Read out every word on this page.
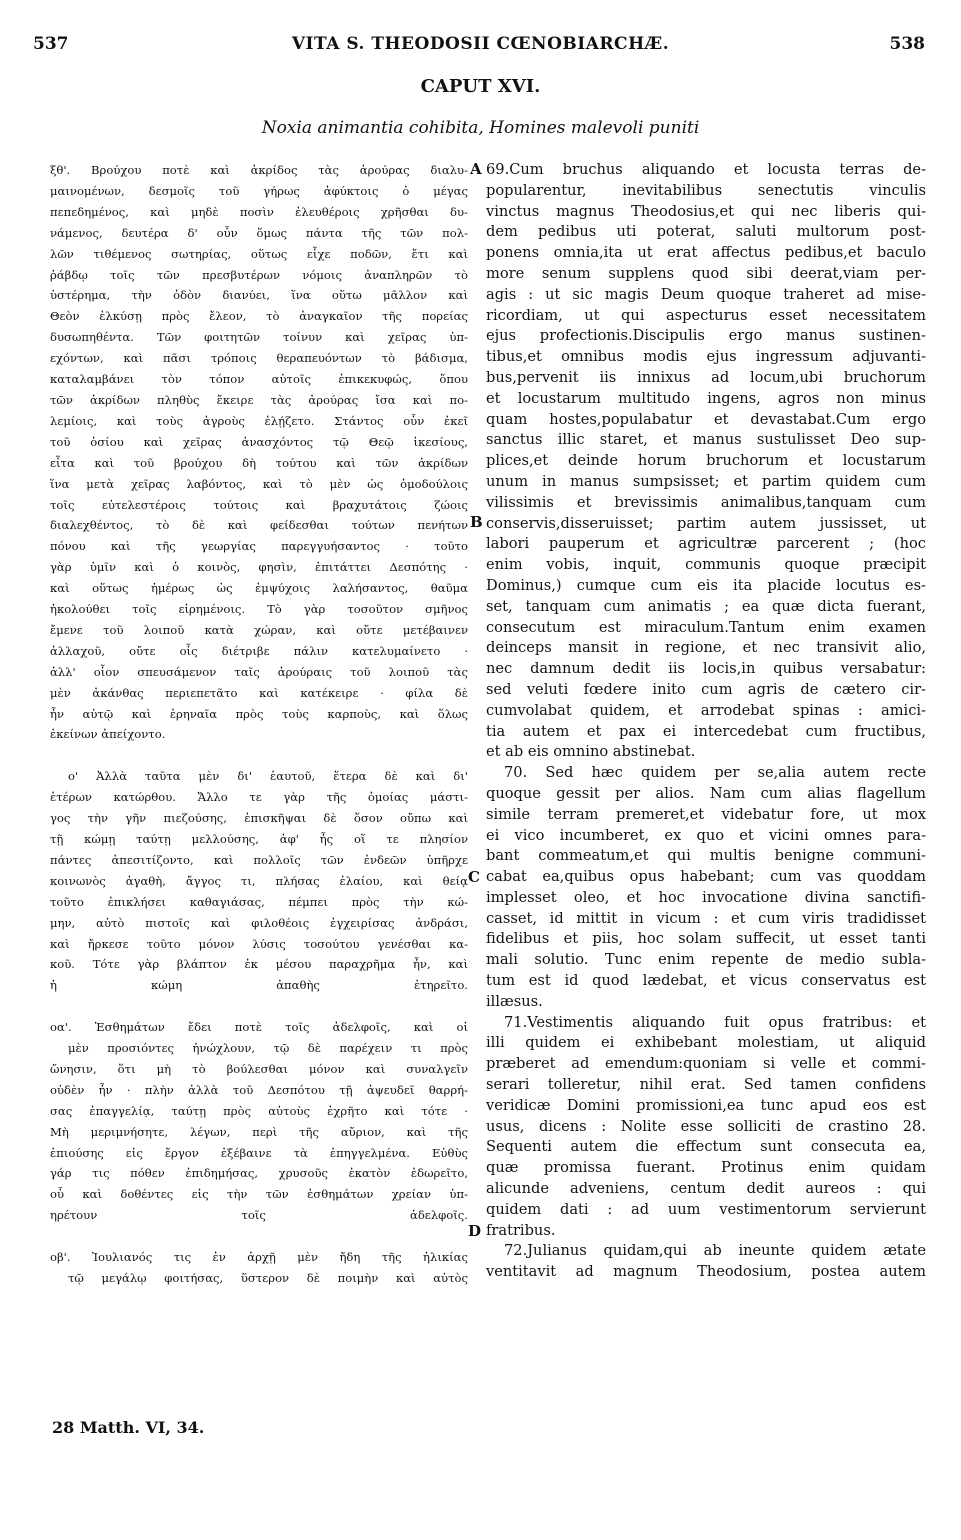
537	VITA S. THEODOSII CŒNOBIARCHÆ.	538
CAPUT XVI.
Noxia animantia cohibita, Homines malevoli puniti
ξθ'. Βρούχου ποτὲ καὶ ἀκρίδος τὰς ἀρούρας διαλυ-
μαινομένων, δεσμοῖς τοῦ γήρως ἀφύκτοις ὁ μέγας
πεπεδημένος, καὶ μηδὲ ποσὶν ἐλευθέροις χρῆσθαι δυ-
νάμενος, δευτέρα δ' οὖν ὅμως πάντα τῆς τῶν πολ-
λῶν τιθέμενος σωτηρίας, οὕτως εἶχε ποδῶν, ἔτι καὶ
ῥάβδῳ τοῖς τῶν πρεσβυτέρων νόμοις ἀναπληρῶν τὸ
ὑστέρημα, τὴν ὁδὸν διανύει, ἵνα οὕτω μᾶλλον καὶ
Θεὸν ἑλκύσῃ πρὸς ἔλεον, τὸ ἀναγκαῖον τῆς πορείας
δυσωπηθέντα. Τῶν φοιτητῶν τοίνυν καὶ χεῖρας ὑπ-
εχόντων, καὶ πᾶσι τρόποις θεραπευόντων τὸ βάδισμα,
καταλαμβάνει τὸν τόπον αὐτοῖς ἐπικεκυφώς, ὅπου
τῶν ἀκρίδων πληθὺς ἔκειρε τὰς ἀρούρας ἴσα καὶ πο-
λεμίοις, καὶ τοὺς ἀγροὺς ἐλῄζετο. Στάντος οὖν ἐκεῖ
τοῦ ὁσίου καὶ χεῖρας ἀνασχόντος τῷ Θεῷ ἱκεσίους,
εἶτα καὶ τοῦ βρούχου δὴ τούτου καὶ τῶν ἀκρίδων
ἵνα μετὰ χεῖρας λαβόντος, καὶ τὸ μὲν ὡς ὁμοδούλοις
τοῖς εὐτελεστέροις τούτοις καὶ βραχυτάτοις ζώοις
διαλεχθέντος, τὸ δὲ καὶ φείδεσθαι τούτων πενήτων
πόνου καὶ τῆς γεωργίας παρεγγυήσαντος · τοῦτο
γὰρ ὑμῖν καὶ ὁ κοινὸς, φησὶν, ἐπιτάττει Δεσπότης ·
καὶ οὕτως ἡμέρως ὡς ἐμψύχοις λαλήσαντος, θαῦμα
ἠκολούθει τοῖς εἰρημένοις. Τὸ γὰρ τοσοῦτον σμῆνος
ἔμενε τοῦ λοιποῦ κατὰ χώραν, καὶ οὔτε μετέβαινεν
ἀλλαχοῦ, οὔτε οἷς διέτριβε πάλιν κατελυμαίνετο ·
ἀλλ' οἷον σπευσάμενον ταῖς ἀρούραις τοῦ λοιποῦ τὰς
μὲν ἀκάνθας περιεπετᾶτο καὶ κατέκειρε · φίλα δὲ
ἦν αὐτῷ καὶ ἐρηναῖα πρὸς τοὺς καρποὺς, καὶ ὅλως
ἐκείνων ἀπείχοντο.
ο' Ἀλλὰ ταῦτα μὲν δι' ἑαυτοῦ, ἕτερα δὲ καὶ δι'
ἑτέρων κατώρθου. Ἄλλο τε γὰρ τῆς ὁμοίας μάστι-
γος τὴν γῆν πιεζούσης, ἐπισκῆψαι δὲ ὅσον οὔπω καὶ
τῇ κώμῃ ταύτῃ μελλούσης, ἀφ' ἧς οἵ τε πλησίον
πάντες ἀπεσιτίζοντο, καὶ πολλοῖς τῶν ἐνδεῶν ὑπῆρχε
κοινωνὸς ἀγαθὴ, ἄγγος τι, πλήσας ἐλαίου, καὶ θείᾳ
τοῦτο ἐπικλήσει καθαγιάσας, πέμπει πρὸς τὴν κώ-
μην, αὐτὸ πιστοῖς καὶ φιλοθέοις ἐγχειρίσας ἀνδράσι,
καὶ ἤρκεσε τοῦτο μόνον λύσις τοσούτου γενέσθαι κα-
κοῦ. Τότε γὰρ βλάπτον ἐκ μέσου παραχρῆμα ἦν, καὶ
ἡ κώμη ἀπαθὴς ἐτηρεῖτο.
οα'. Ἐσθημάτων ἔδει ποτὲ τοῖς ἀδελφοῖς, καὶ οἱ
μὲν προσιόντες ἠνώχλουν, τῷ δὲ παρέχειν τι πρὸς
ὤνησιν, ὅτι μὴ τὸ βούλεσθαι μόνον καὶ συναλγεῖν
οὐδὲν ἦν · πλὴν ἀλλὰ τοῦ Δεσπότου τῇ ἀψευδεῖ θαρρή-
σας ἐπαγγελίᾳ, ταύτῃ πρὸς αὐτοὺς ἐχρῆτο καὶ τότε ·
Μὴ μεριμνήσητε, λέγων, περὶ τῆς αὔριον, καὶ τῆς
ἐπιούσης εἰς ἔργον ἐξέβαινε τὰ ἐπηγγελμένα. Εὐθὺς
γάρ τις πόθεν ἐπιδημήσας, χρυσοῦς ἑκατὸν ἐδωρεῖτο,
οὗ καὶ δοθέντες εἰς τὴν τῶν ἐσθημάτων χρείαν ὑπ-
ηρέτουν τοῖς ἀδελφοῖς.
οβ'. Ἰουλιανός τις ἐν ἀρχῇ μὲν ἤδη τῆς ἡλικίας
τῷ μεγάλῳ φοιτήσας, ὕστερον δὲ ποιμὴν καὶ αὐτὸς
69.Cum bruchus aliquando et locusta terras de-
popularentur, inevitabilibus senectutis vinculis
vinctus magnus Theodosius,et qui nec liberis qui-
dem pedibus uti poterat, saluti multorum post-
ponens omnia,ita ut erat affectus pedibus,et baculo
more senum supplens quod sibi deerat,viam per-
agis : ut sic magis Deum quoque traheret ad mise-
ricordiam, ut qui aspecturus esset necessitatem
ejus profectionis.Discipulis ergo manus sustinen-
tibus,et omnibus modis ejus ingressum adjuvanti-
bus,pervenit iis innixus ad locum,ubi bruchorum
et locustarum multitudo ingens, agros non minus
quam hostes,populabatur et devastabat.Cum ergo
sanctus illic staret, et manus sustulisset Deo sup-
plices,et deinde horum bruchorum et locustarum
unum in manus sumpsisset; et partim quidem cum
vilissimis et brevissimis animalibus,tanquam cum
conservis,disseruisset; partim autem jussisset, ut
labori pauperum et agricultræ parcerent ; (hoc
enim vobis, inquit, communis quoque præcipit
Dominus,) cumque cum eis ita placide locutus es-
set, tanquam cum animatis ; ea quæ dicta fuerant,
consecutum est miraculum.Tantum enim examen
deinceps mansit in regione, et nec transivit alio,
nec damnum dedit iis locis,in quibus versabatur:
sed veluti fœdere inito cum agris de cætero cir-
cumvolabat quidem, et arrodebat spinas : amici-
tia autem et pax ei intercedebat cum fructibus,
et ab eis omnino abstinebat.
70. Sed hæc quidem per se,alia autem recte
quoque gessit per alios. Nam cum alias flagellum
simile terram premeret,et videbatur fore, ut mox
ei vico incumberet, ex quo et vicini omnes para-
bant commeatum,et qui multis benigne communi-
cabat ea,quibus opus habebant; cum vas quoddam
implesset oleo, et hoc invocatione divina sanctifi-
casset, id mittit in vicum : et cum viris tradidisset
fidelibus et piis, hoc solam suffecit, ut esset tanti
mali solutio. Tunc enim repente de medio subla-
tum est id quod lædebat, et vicus conservatus est
illæsus.
71.Vestimentis aliquando fuit opus fratribus: et
illi quidem ei exhibebant molestiam, ut aliquid
præberet ad emendum:quoniam si velle et commi-
serari tolleretur, nihil erat. Sed tamen confidens
veridicæ Domini promissioni,ea tunc apud eos est
usus, dicens : Nolite esse solliciti de crastino 28.
Sequenti autem die effectum sunt consecuta ea,
quæ promissa fuerant. Protinus enim quidam
alicunde adveniens, centum dedit aureos : qui
quidem dati : ad uum vestimentorum servierunt
fratribus.
72.Julianus quidam,qui ab ineunte quidem ætate
ventitavit ad magnum Theodosium, postea autem
A
B
C
D
28 Matth. VI, 34.
